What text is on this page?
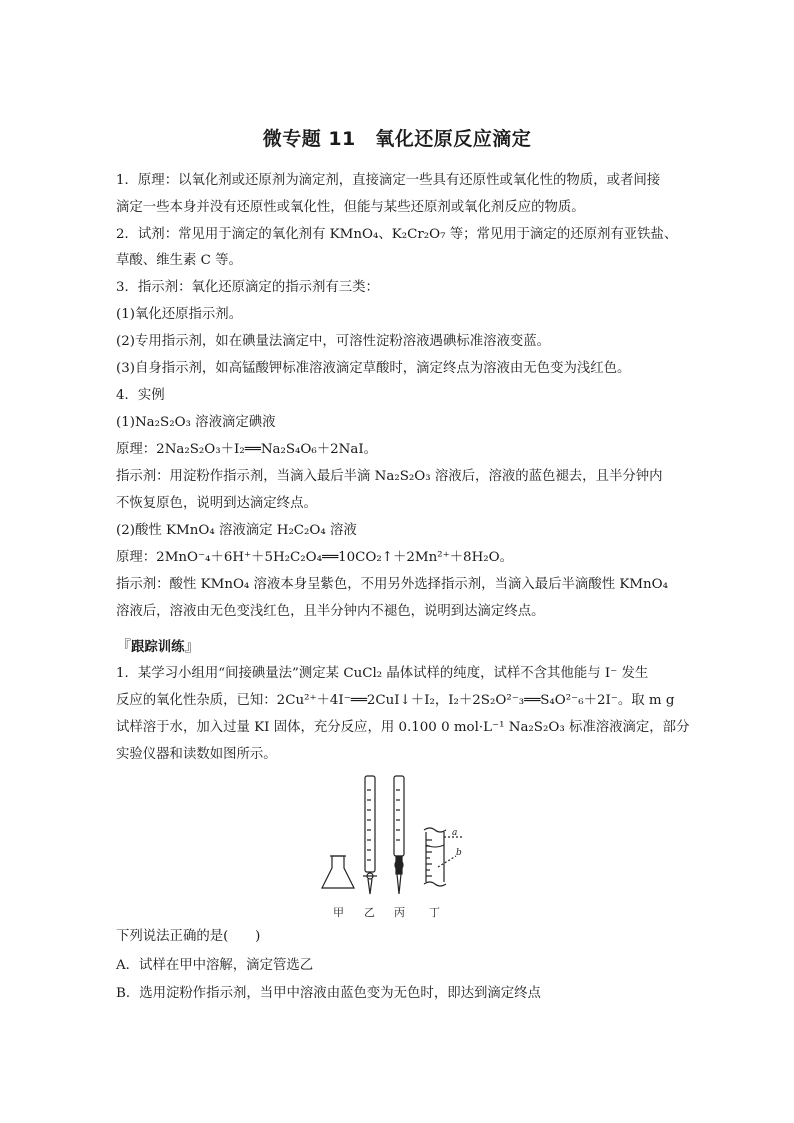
微专题 11　氧化还原反应滴定
1．原理：以氧化剂或还原剂为滴定剂，直接滴定一些具有还原性或氧化性的物质，或者间接
滴定一些本身并没有还原性或氧化性，但能与某些还原剂或氧化剂反应的物质。
2．试剂：常见用于滴定的氧化剂有 KMnO₄、K₂Cr₂O₇ 等；常见用于滴定的还原剂有亚铁盐、
草酸、维生素 C 等。
3．指示剂：氧化还原滴定的指示剂有三类：
(1)氧化还原指示剂。
(2)专用指示剂，如在碘量法滴定中，可溶性淀粉溶液遇碘标准溶液变蓝。
(3)自身指示剂，如高锰酸钾标准溶液滴定草酸时，滴定终点为溶液由无色变为浅红色。
4．实例
(1)Na₂S₂O₃ 溶液滴定碘液
原理：2Na₂S₂O₃＋I₂══Na₂S₄O₆＋2NaI。
指示剂：用淀粉作指示剂，当滴入最后半滴 Na₂S₂O₃ 溶液后，溶液的蓝色褪去，且半分钟内
不恢复原色，说明到达滴定终点。
(2)酸性 KMnO₄ 溶液滴定 H₂C₂O₄ 溶液
原理：2MnO⁻₄＋6H⁺＋5H₂C₂O₄══10CO₂↑＋2Mn²⁺＋8H₂O。
指示剂：酸性 KMnO₄ 溶液本身呈紫色，不用另外选择指示剂，当滴入最后半滴酸性 KMnO₄
溶液后，溶液由无色变浅红色，且半分钟内不褪色，说明到达滴定终点。
『跟踪训练』
1．某学习小组用“间接碘量法”测定某 CuCl₂ 晶体试样的纯度，试样不含其他能与 I⁻ 发生
反应的氧化性杂质，已知：2Cu²⁺＋4I⁻══2CuI↓＋I₂，I₂＋2S₂O²⁻₃══S₄O²⁻₆＋2I⁻。取 m g
试样溶于水，加入过量 KI 固体，充分反应，用 0.100 0 mol·L⁻¹ Na₂S₂O₃ 标准溶液滴定，部分
实验仪器和读数如图所示。
a
b
甲 乙 丙 丁
下列说法正确的是(　　)
A．试样在甲中溶解，滴定管选乙
B．选用淀粉作指示剂，当甲中溶液由蓝色变为无色时，即达到滴定终点
